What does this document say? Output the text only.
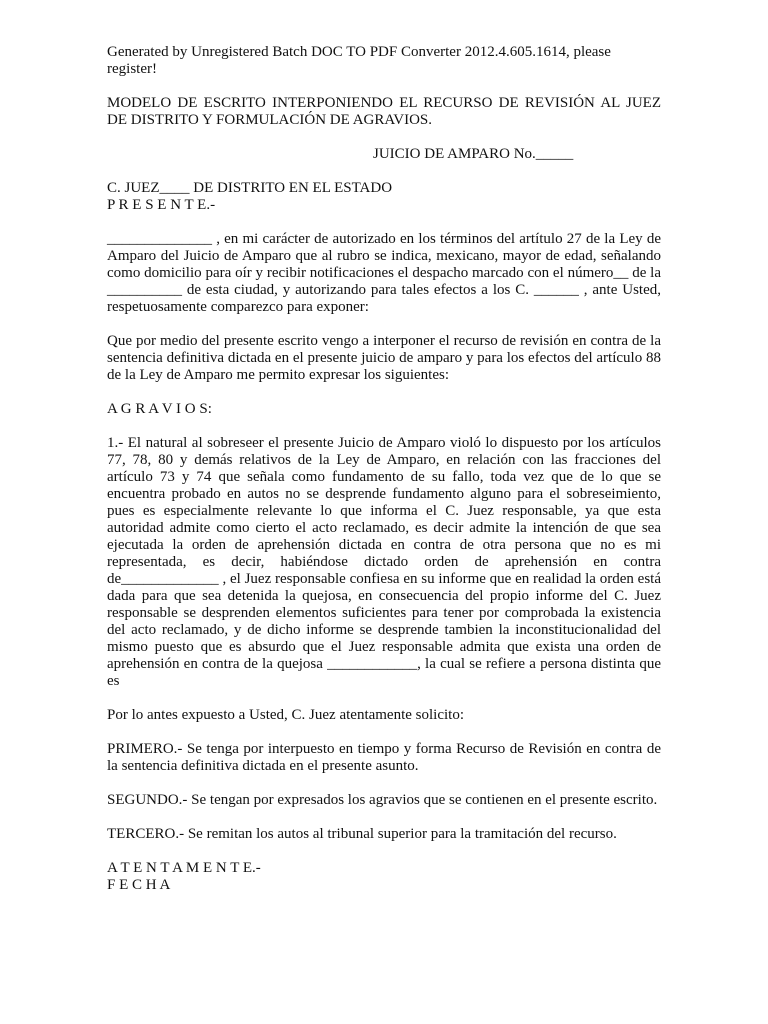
Generated by Unregistered Batch DOC TO PDF Converter 2012.4.605.1614, please register!

MODELO DE ESCRITO INTERPONIENDO EL RECURSO DE REVISIÓN AL JUEZ DE DISTRITO Y FORMULACIÓN DE AGRAVIOS.

JUICIO DE AMPARO No._____

C. JUEZ____ DE DISTRITO EN EL ESTADO

P R E S E N T E.-

______________ , en mi carácter de autorizado en los términos del artítulo 27 de la Ley de Amparo del Juicio de Amparo que al rubro se indica, mexicano, mayor de edad, señalando como domicilio para oír y recibir notificaciones el despacho marcado con el número__ de la __________ de esta ciudad, y autorizando para tales efectos a los C. ______ , ante Usted, respetuosamente comparezco para exponer:

Que por medio del presente escrito vengo a interponer el recurso de revisión en contra de la sentencia definitiva dictada en el presente juicio de amparo y para los efectos del artículo 88 de la Ley de Amparo me permito expresar los siguientes:

A G R A V I O S:

1.- El natural al sobreseer el presente Juicio de Amparo violó lo dispuesto por los artículos 77, 78, 80 y demás relativos de la Ley de Amparo, en relación con las fracciones del artículo 73 y 74 que señala como fundamento de su fallo, toda vez que de lo que se encuentra probado en autos no se desprende fundamento alguno para el sobreseimiento, pues es especialmente relevante lo que informa el C. Juez responsable, ya que esta autoridad admite como cierto el acto reclamado, es decir admite la intención de que sea ejecutada la orden de aprehensión dictada en contra de otra persona que no es mi representada, es decir, habiéndose dictado orden de aprehensión en contra de_____________ , el Juez responsable confiesa en su informe que en realidad la orden está dada para que sea detenida la quejosa, en consecuencia del propio informe del C. Juez responsable se desprenden elementos suficientes para tener por comprobada la existencia del acto reclamado, y de dicho informe se desprende tambien la inconstitucionalidad del mismo puesto que es absurdo que el Juez responsable admita que exista una orden de aprehensión en contra de la quejosa ____________, la cual se refiere a persona distinta que es

Por lo antes expuesto a Usted, C. Juez atentamente solicito:

PRIMERO.- Se tenga por interpuesto en tiempo y forma Recurso de Revisión en contra de la sentencia definitiva dictada en el presente asunto.

SEGUNDO.- Se tengan por expresados los agravios que se contienen en el presente escrito.

TERCERO.- Se remitan los autos al tribunal superior para la tramitación del recurso.

A T E N T A M E N T E.-

F E C H A
